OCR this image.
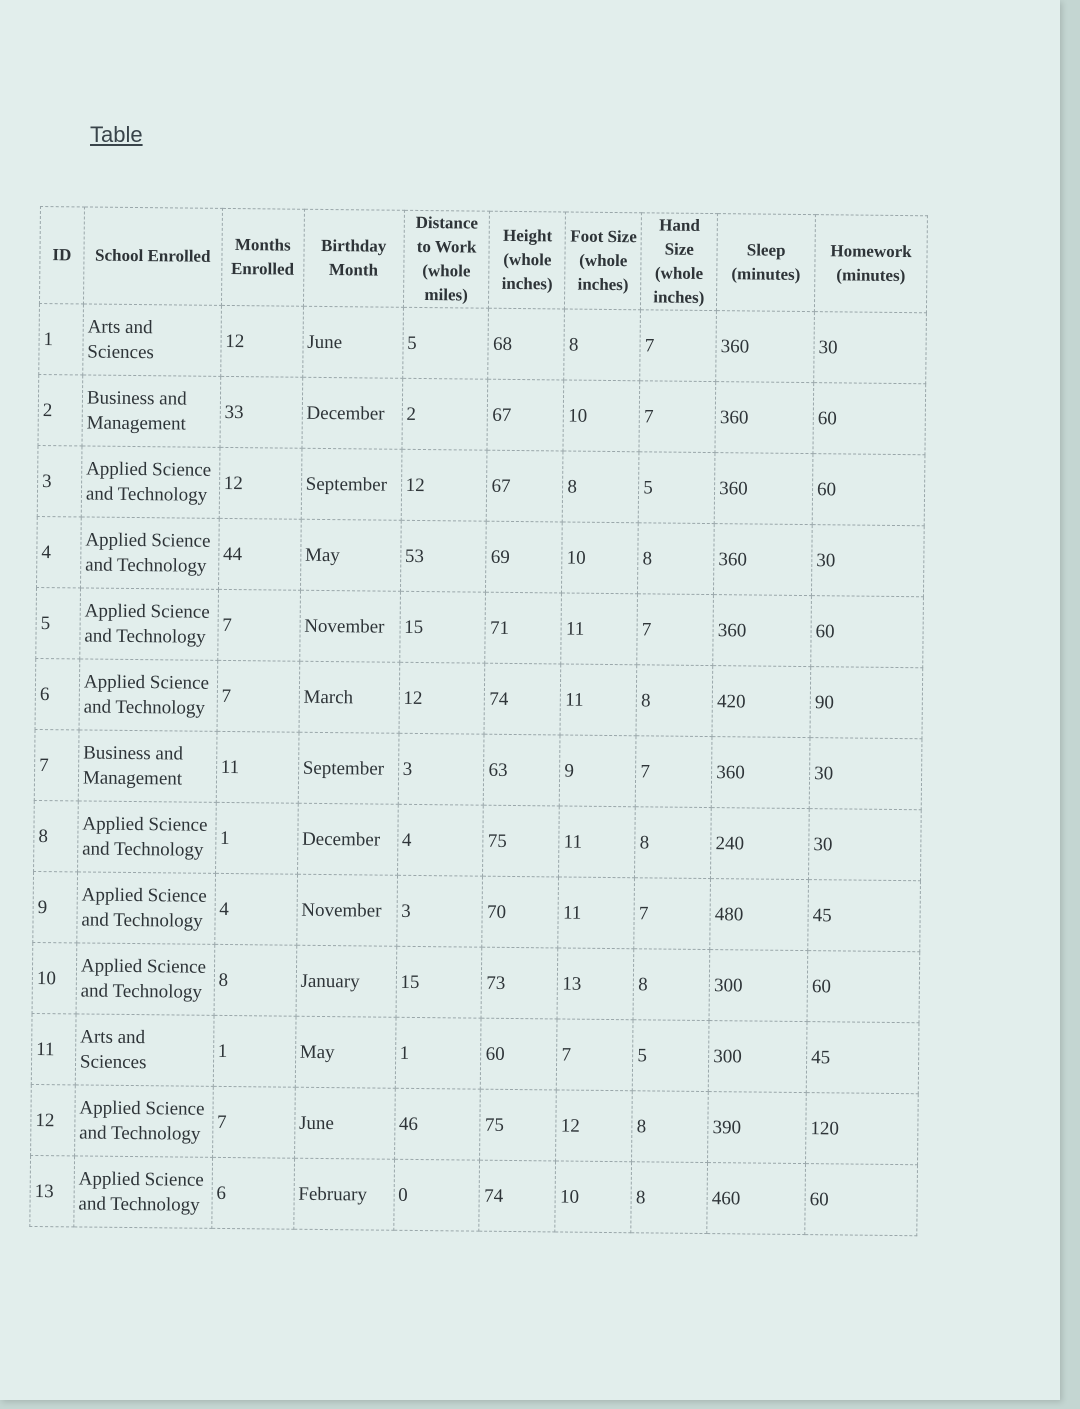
Table
ID	School Enrolled	Months Enrolled	Birthday Month	Distance to Work (whole miles)	Height (whole inches)	Foot Size (whole inches)	Hand Size (whole inches)	Sleep (minutes)	Homework (minutes)
1	Arts and Sciences	12	June	5	68	8	7	360	30
2	Business and Management	33	December	2	67	10	7	360	60
3	Applied Science and Technology	12	September	12	67	8	5	360	60
4	Applied Science and Technology	44	May	53	69	10	8	360	30
5	Applied Science and Technology	7	November	15	71	11	7	360	60
6	Applied Science and Technology	7	March	12	74	11	8	420	90
7	Business and Management	11	September	3	63	9	7	360	30
8	Applied Science and Technology	1	December	4	75	11	8	240	30
9	Applied Science and Technology	4	November	3	70	11	7	480	45
10	Applied Science and Technology	8	January	15	73	13	8	300	60
11	Arts and Sciences	1	May	1	60	7	5	300	45
12	Applied Science and Technology	7	June	46	75	12	8	390	120
13	Applied Science and Technology	6	February	0	74	10	8	460	60
